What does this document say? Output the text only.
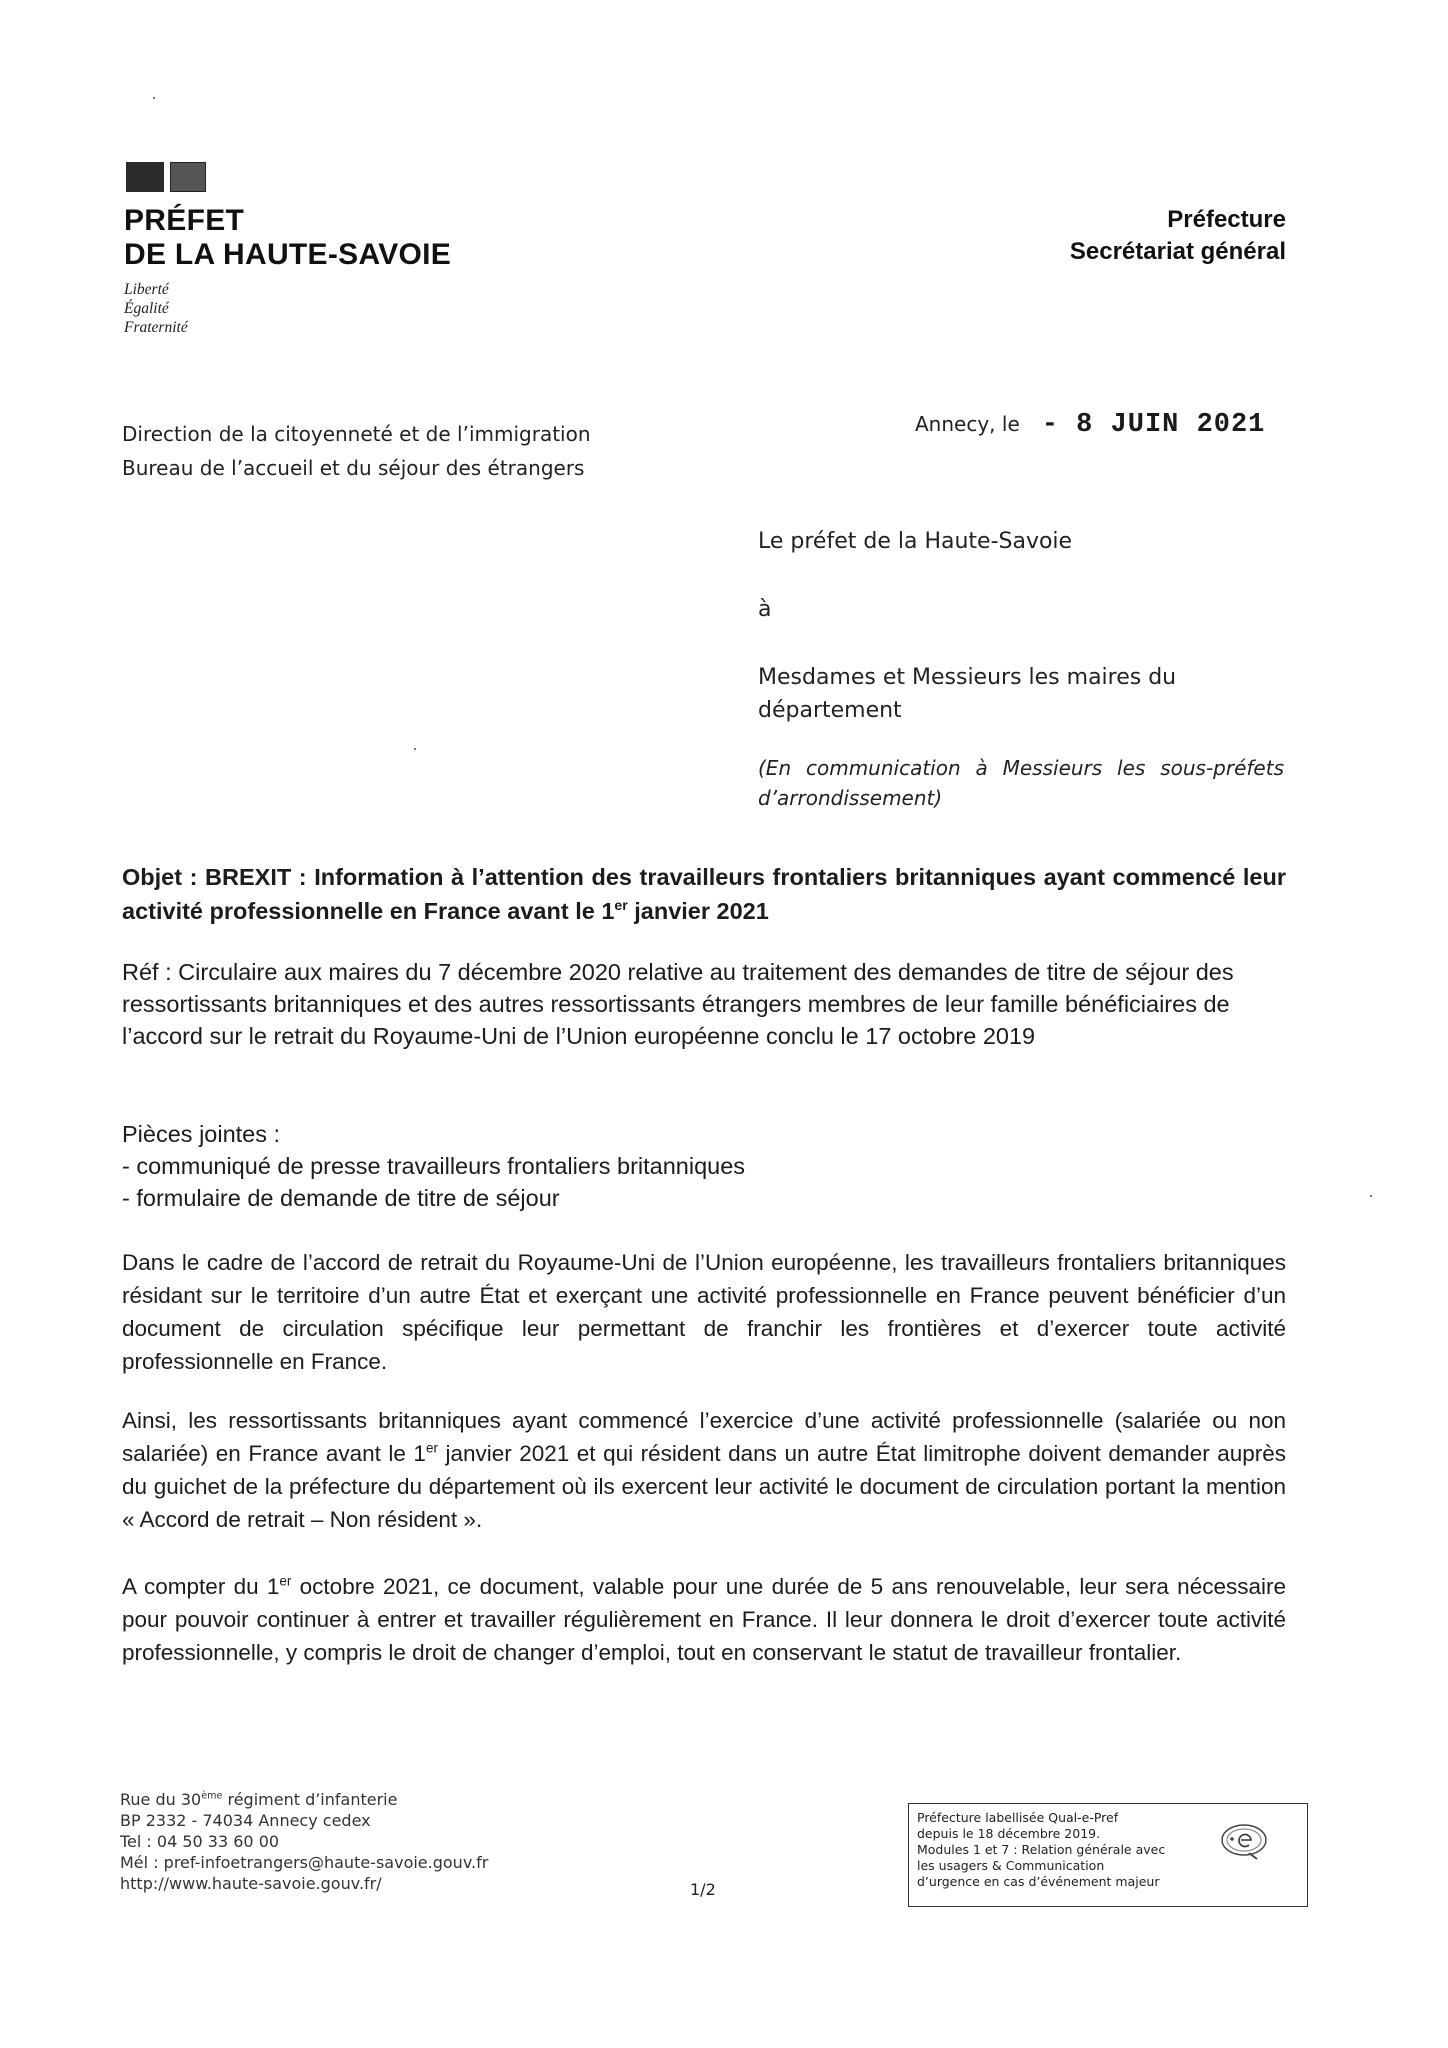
PRÉFET
DE LA HAUTE-SAVOIE
Liberté
Égalité
Fraternité
Préfecture
Secrétariat général
Direction de la citoyenneté et de l’immigration
Bureau de l’accueil et du séjour des étrangers
Annecy, le - 8 JUIN 2021

Le préfet de la Haute-Savoie

à

Mesdames et Messieurs les maires du département

(En communication à Messieurs les sous-préfets d’arrondissement)

Objet : BREXIT : Information à l’attention des travailleurs frontaliers britanniques ayant commencé leur activité professionnelle en France avant le 1er janvier 2021
Réf : Circulaire aux maires du 7 décembre 2020 relative au traitement des demandes de titre de séjour des ressortissants britanniques et des autres ressortissants étrangers membres de leur famille bénéficiaires de l’accord sur le retrait du Royaume-Uni de l’Union européenne conclu le 17 octobre 2019
Pièces jointes :
- communiqué de presse travailleurs frontaliers britanniques
- formulaire de demande de titre de séjour
Dans le cadre de l’accord de retrait du Royaume-Uni de l’Union européenne, les travailleurs frontaliers britanniques résidant sur le territoire d’un autre État et exerçant une activité professionnelle en France peuvent bénéficier d’un document de circulation spécifique leur permettant de franchir les frontières et d’exercer toute activité professionnelle en France.
Ainsi, les ressortissants britanniques ayant commencé l’exercice d’une activité professionnelle (salariée ou non salariée) en France avant le 1er janvier 2021 et qui résident dans un autre État limitrophe doivent demander auprès du guichet de la préfecture du département où ils exercent leur activité le document de circulation portant la mention « Accord de retrait – Non résident ».
A compter du 1er octobre 2021, ce document, valable pour une durée de 5 ans renouvelable, leur sera nécessaire pour pouvoir continuer à entrer et travailler régulièrement en France. Il leur donnera le droit d’exercer toute activité professionnelle, y compris le droit de changer d’emploi, tout en conservant le statut de travailleur frontalier.
Rue du 30ème régiment d’infanterie
BP 2332 - 74034 Annecy cedex
Tel : 04 50 33 60 00
Mél : pref-infoetrangers@haute-savoie.gouv.fr
http://www.haute-savoie.gouv.fr/	1/2
Préfecture labellisée Qual-e-Pref
depuis le 18 décembre 2019.
Modules 1 et 7 : Relation générale avec
les usagers & Communication
d’urgence en cas d’événement majeur
